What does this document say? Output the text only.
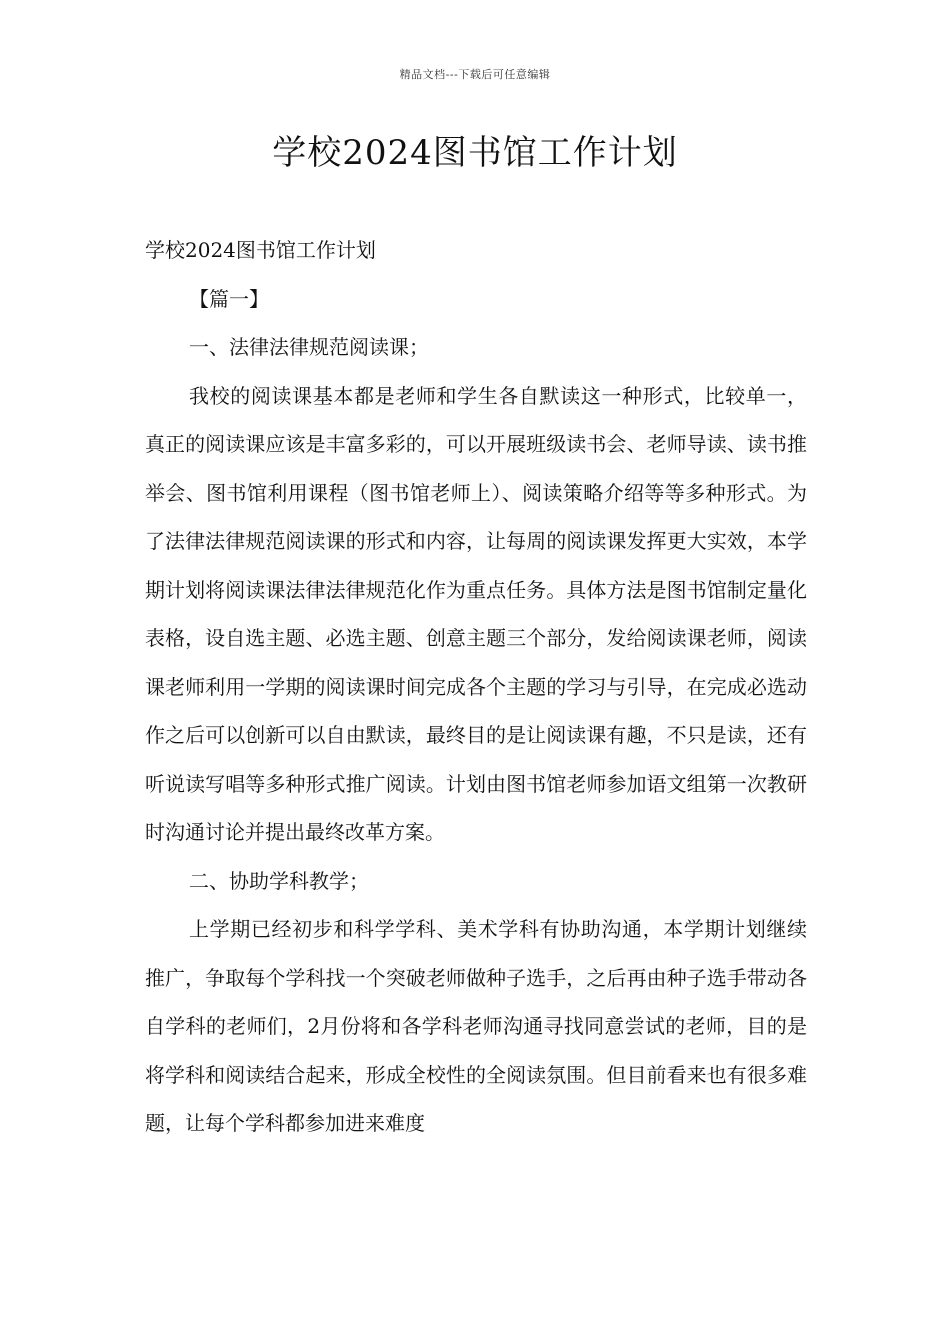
精品文档---下载后可任意编辑
学校2024图书馆工作计划

学校2024图书馆工作计划

【篇一】

一、法律法律规范阅读课；

我校的阅读课基本都是老师和学生各自默读这一种形式，比较单一，真正的阅读课应该是丰富多彩的，可以开展班级读书会、老师导读、读书推举会、图书馆利用课程（图书馆老师上）、阅读策略介绍等等多种形式。为了法律法律规范阅读课的形式和内容，让每周的阅读课发挥更大实效，本学期计划将阅读课法律法律规范化作为重点任务。具体方法是图书馆制定量化表格，设自选主题、必选主题、创意主题三个部分，发给阅读课老师，阅读课老师利用一学期的阅读课时间完成各个主题的学习与引导，在完成必选动作之后可以创新可以自由默读，最终目的是让阅读课有趣，不只是读，还有听说读写唱等多种形式推广阅读。计划由图书馆老师参加语文组第一次教研时沟通讨论并提出最终改革方案。

二、协助学科教学；

上学期已经初步和科学学科、美术学科有协助沟通，本学期计划继续推广，争取每个学科找一个突破老师做种子选手，之后再由种子选手带动各自学科的老师们，2月份将和各学科老师沟通寻找同意尝试的老师，目的是将学科和阅读结合起来，形成全校性的全阅读氛围。但目前看来也有很多难题，让每个学科都参加进来难度
